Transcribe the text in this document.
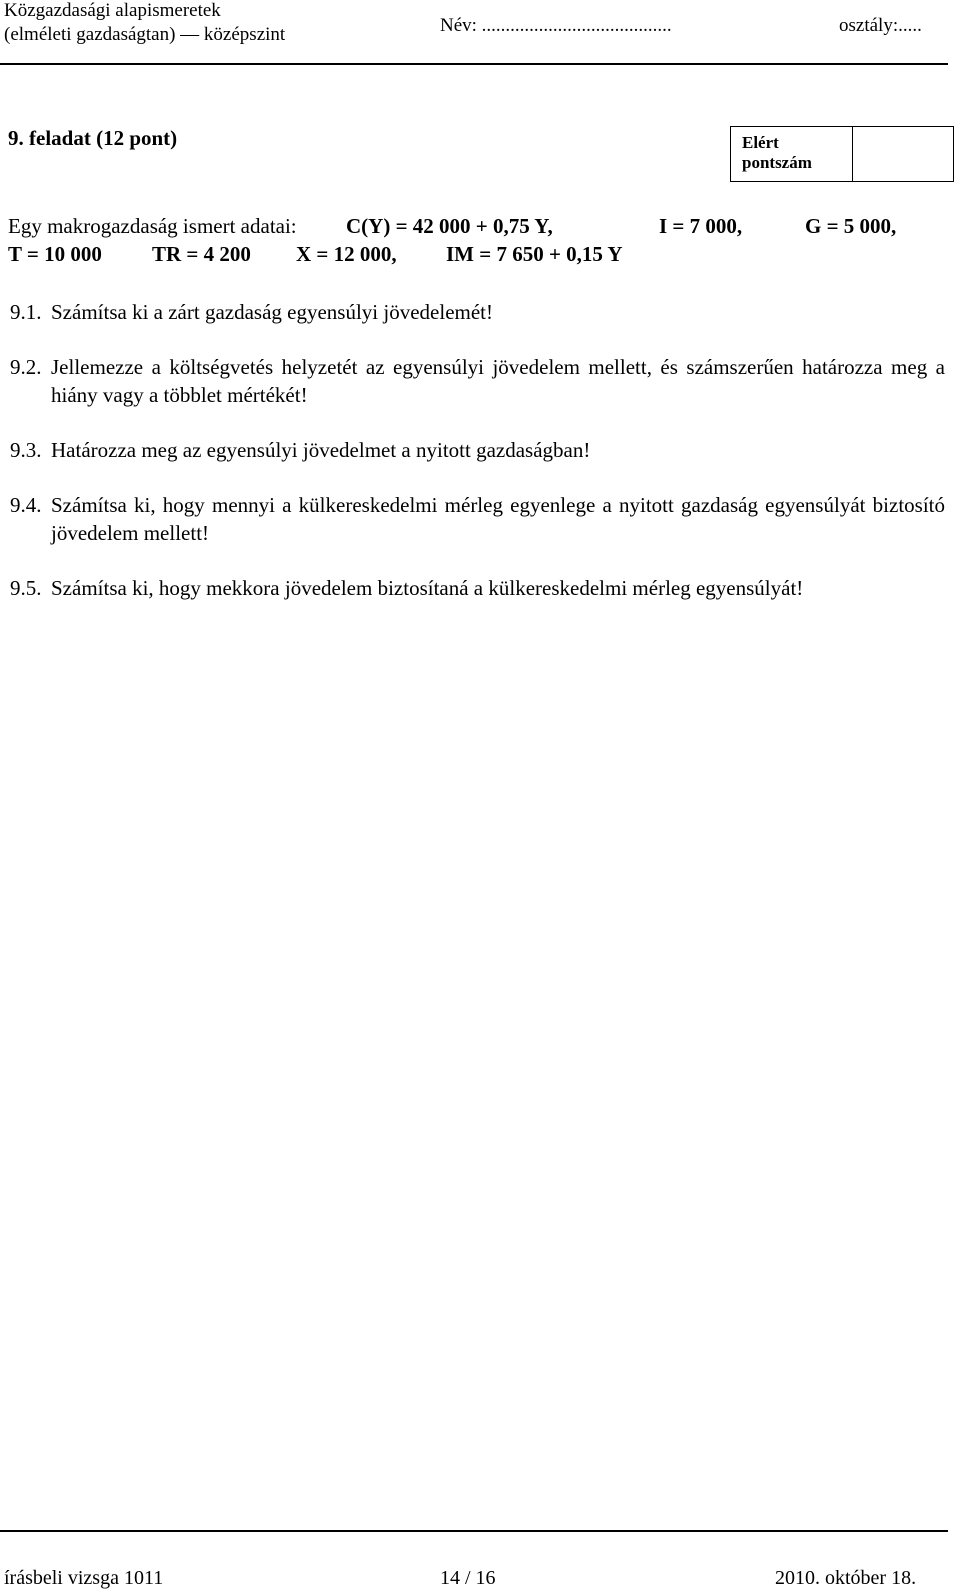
Közgazdasági alapismeretek
(elméleti gazdaságtan) — középszint	Név: ........................................	osztály:.....
9. feladat (12 pont)	Elért
pontszám
Egy makrogazdaság ismert adatai: C(Y) = 42 000 + 0,75 Y,	I = 7 000,	G = 5 000,
T = 10 000 TR = 4 200 X = 12 000, IM = 7 650 + 0,15 Y
9.1. Számítsa ki a zárt gazdaság egyensúlyi jövedelemét!
9.2. Jellemezze a költségvetés helyzetét az egyensúlyi jövedelem mellett, és számszerűen határozza meg a hiány vagy a többlet mértékét!
9.3. Határozza meg az egyensúlyi jövedelmet a nyitott gazdaságban!
9.4. Számítsa ki, hogy mennyi a külkereskedelmi mérleg egyenlege a nyitott gazdaság egyensúlyát biztosító jövedelem mellett!
9.5. Számítsa ki, hogy mekkora jövedelem biztosítaná a külkereskedelmi mérleg egyensúlyát!
írásbeli vizsga 1011	14 / 16	2010. október 18.
